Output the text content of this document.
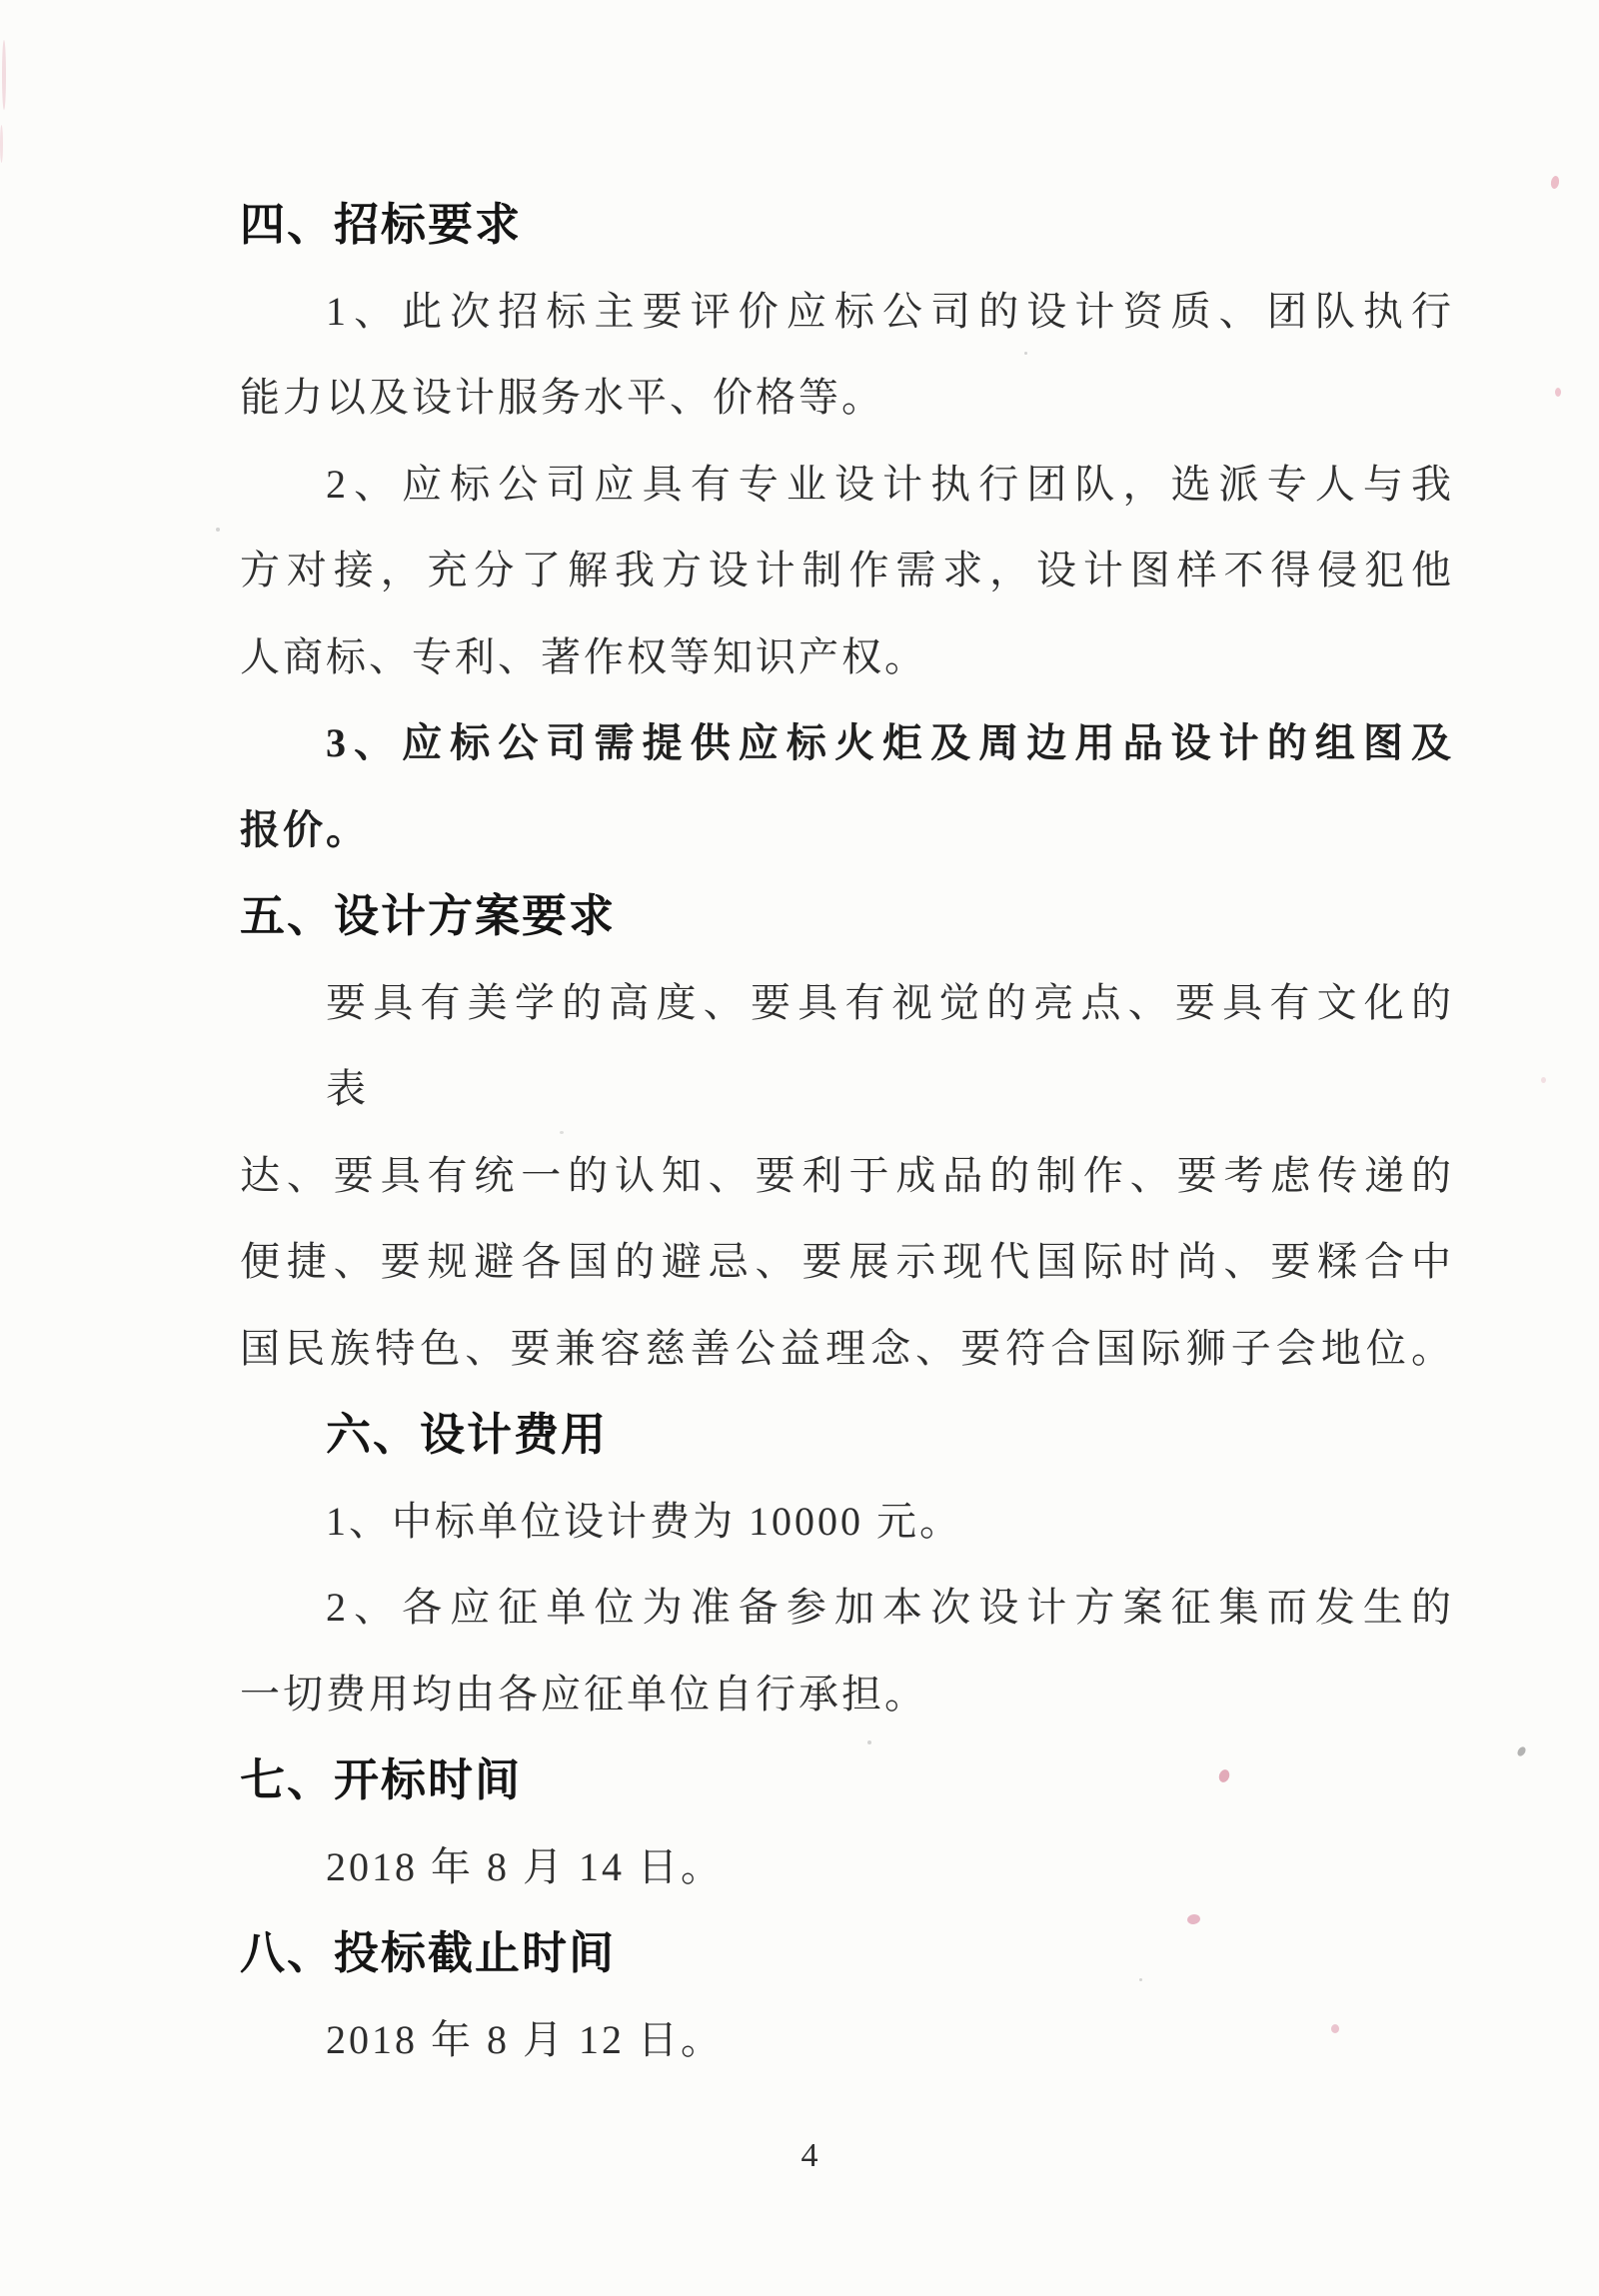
四、招标要求
1、此次招标主要评价应标公司的设计资质、团队执行
能力以及设计服务水平、价格等。
2、应标公司应具有专业设计执行团队，选派专人与我
方对接，充分了解我方设计制作需求，设计图样不得侵犯他
人商标、专利、著作权等知识产权。
3、应标公司需提供应标火炬及周边用品设计的组图及
报价。
五、设计方案要求
要具有美学的高度、要具有视觉的亮点、要具有文化的
表
达、要具有统一的认知、要利于成品的制作、要考虑传递的
便捷、要规避各国的避忌、要展示现代国际时尚、要糅合中
国民族特色、要兼容慈善公益理念、要符合国际狮子会地位。
六、设计费用
1、中标单位设计费为 10000 元。
2、各应征单位为准备参加本次设计方案征集而发生的
一切费用均由各应征单位自行承担。
七、开标时间
2018 年 8 月 14 日。
八、投标截止时间
2018 年 8 月 12 日。
4
